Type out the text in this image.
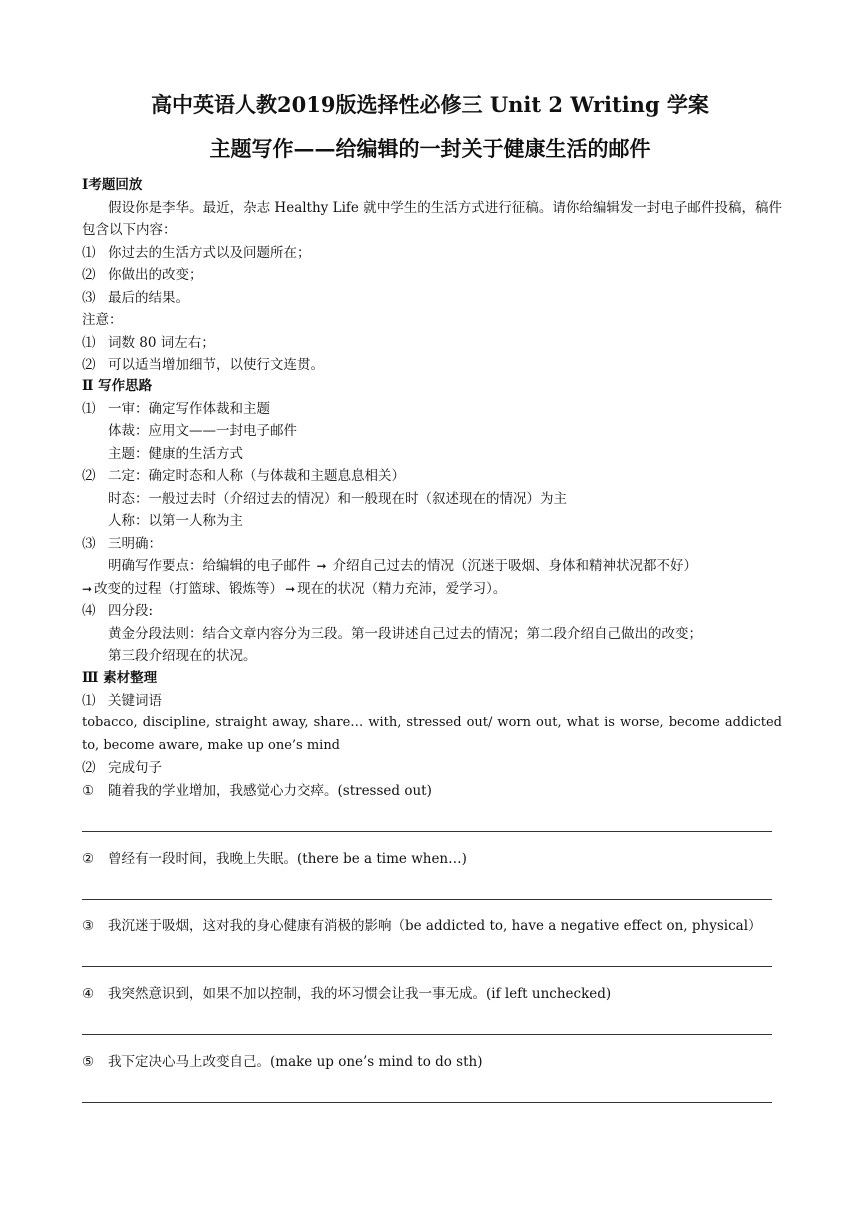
高中英语人教2019版选择性必修三 Unit 2 Writing 学案
主题写作——给编辑的一封关于健康生活的邮件
Ⅰ考题回放
假设你是李华。最近，杂志 Healthy Life 就中学生的生活方式进行征稿。请你给编辑发一封电子邮件投稿，稿件包含以下内容：
⑴ 你过去的生活方式以及问题所在；
⑵ 你做出的改变；
⑶ 最后的结果。
注意：
⑴ 词数 80 词左右；
⑵ 可以适当增加细节，以使行文连贯。
Ⅱ 写作思路
⑴ 一审：确定写作体裁和主题
体裁：应用文——一封电子邮件
主题：健康的生活方式
⑵ 二定：确定时态和人称（与体裁和主题息息相关）
时态：一般过去时（介绍过去的情况）和一般现在时（叙述现在的情况）为主
人称：以第一人称为主
⑶ 三明确：
明确写作要点：给编辑的电子邮件 ➞ 介绍自己过去的情况（沉迷于吸烟、身体和精神状况都不好）
➞ 改变的过程（打篮球、锻炼等） ➞ 现在的状况（精力充沛，爱学习）。
⑷ 四分段:
黄金分段法则：结合文章内容分为三段。第一段讲述自己过去的情况；第二段介绍自己做出的改变；
第三段介绍现在的状况。
Ⅲ 素材整理
⑴ 关键词语
tobacco, discipline, straight away, share… with, stressed out/ worn out, what is worse, become addicted to, become aware, make up one’s mind
⑵ 完成句子
① 随着我的学业增加，我感觉心力交瘁。(stressed out)
② 曾经有一段时间，我晚上失眠。(there be a time when…)
③ 我沉迷于吸烟，这对我的身心健康有消极的影响（be addicted to, have a negative effect on, physical）
④ 我突然意识到，如果不加以控制，我的坏习惯会让我一事无成。(if left unchecked)
⑤ 我下定决心马上改变自己。(make up one’s mind to do sth)
